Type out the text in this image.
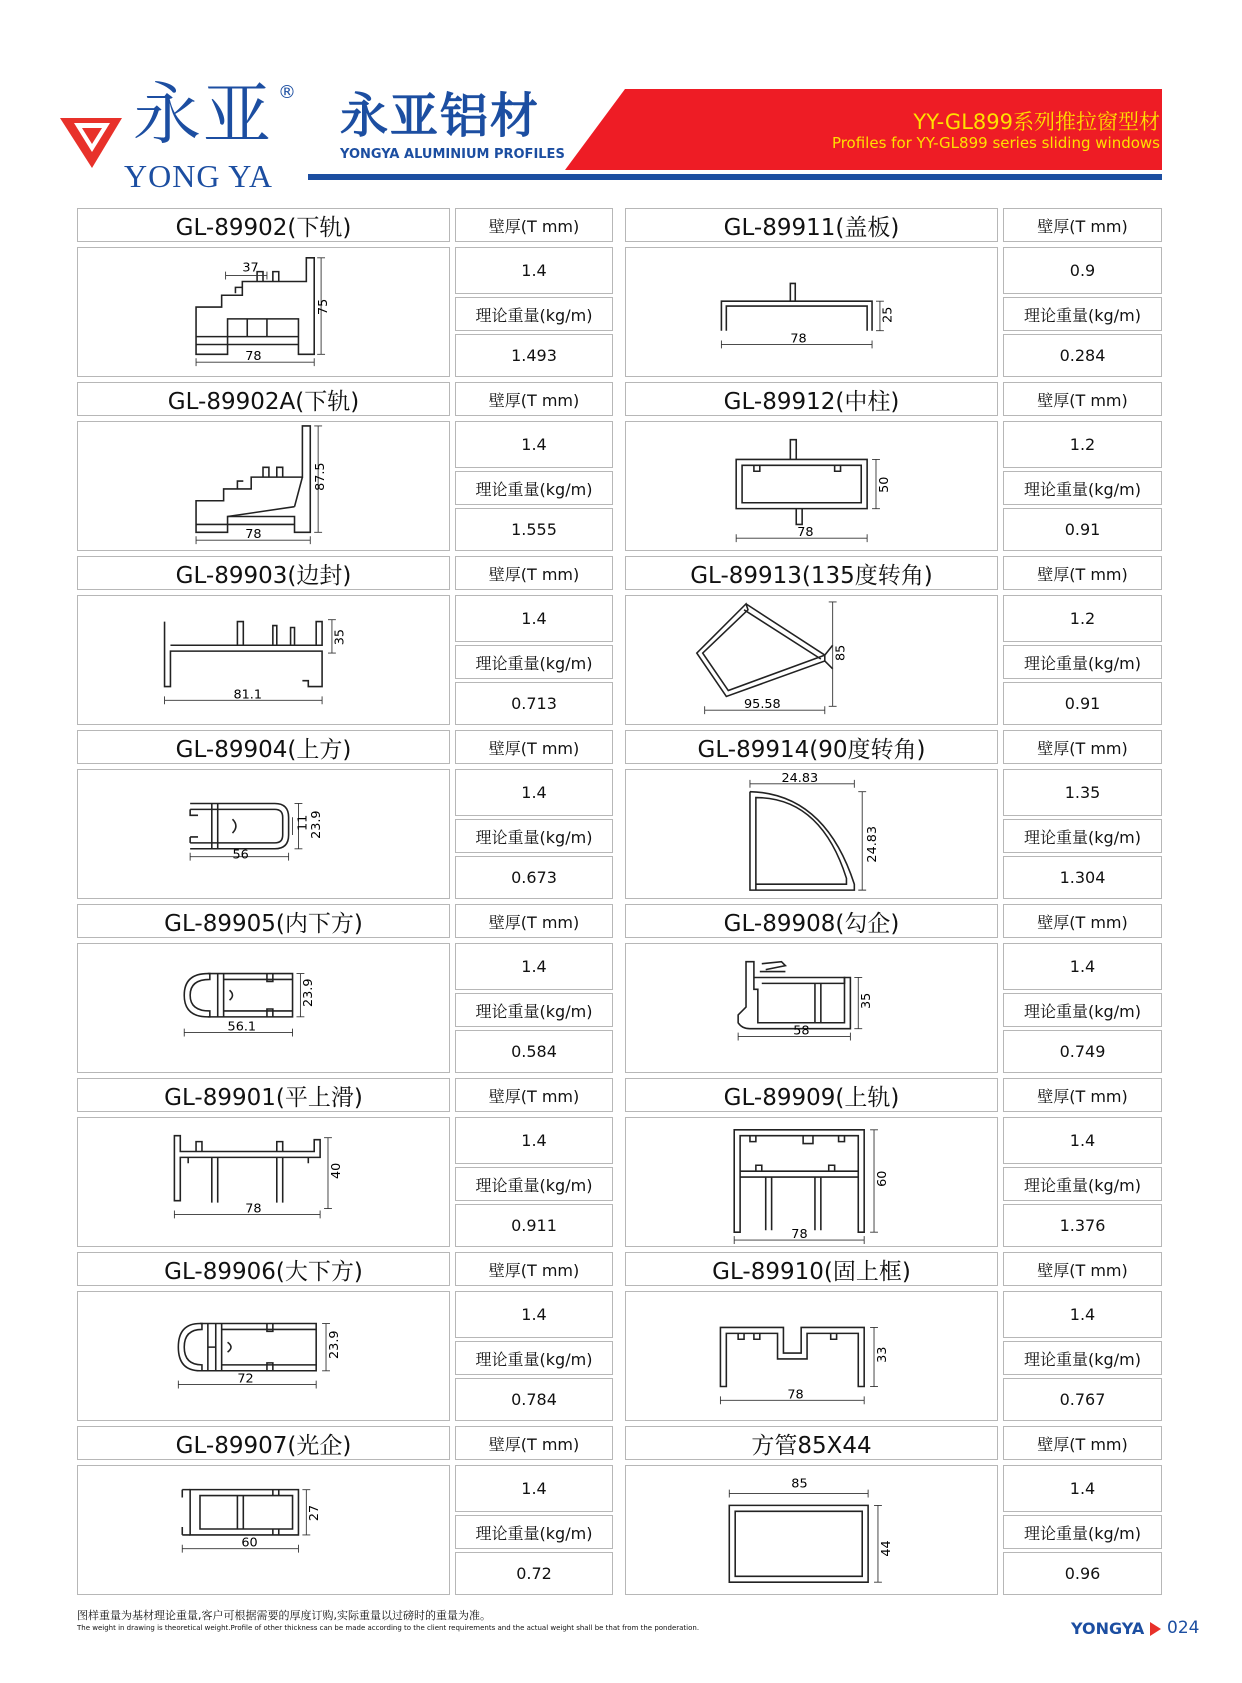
永亚 ®
YONG YA
永亚铝材
YONGYA ALUMINIUM PROFILES
YY-GL899系列推拉窗型材
Profiles for YY-GL899 series sliding windows
GL-89902(下轨)	壁厚(T mm)
37
75
78
1.4
理论重量(kg/m)
1.493
GL-89911(盖板)	壁厚(T mm)
78
25
0.9
理论重量(kg/m)
0.284
GL-89902A(下轨)	壁厚(T mm)
87.5
78
1.4
理论重量(kg/m)
1.555
GL-89912(中柱)	壁厚(T mm)
78
50
1.2
理论重量(kg/m)
0.91
GL-89903(边封)	壁厚(T mm)
81.1
35
1.4
理论重量(kg/m)
0.713
GL-89913(135度转角)	壁厚(T mm)
95.58
85
1.2
理论重量(kg/m)
0.91
GL-89904(上方)	壁厚(T mm)
56
11
23.9
1.4
理论重量(kg/m)
0.673
GL-89914(90度转角)	壁厚(T mm)
24.83
24.83
1.35
理论重量(kg/m)
1.304
GL-89905(内下方)	壁厚(T mm)
56.1
23.9
1.4
理论重量(kg/m)
0.584
GL-89908(勾企)	壁厚(T mm)
58
35
1.4
理论重量(kg/m)
0.749
GL-89901(平上滑)	壁厚(T mm)
78
40
1.4
理论重量(kg/m)
0.911
GL-89909(上轨)	壁厚(T mm)
78
60
1.4
理论重量(kg/m)
1.376
GL-89906(大下方)	壁厚(T mm)
72
23.9
1.4
理论重量(kg/m)
0.784
GL-89910(固上框)	壁厚(T mm)
78
33
1.4
理论重量(kg/m)
0.767
GL-89907(光企)	壁厚(T mm)
60
27
1.4
理论重量(kg/m)
0.72
方管85X44	壁厚(T mm)
85
44
1.4
理论重量(kg/m)
0.96
图样重量为基材理论重量,客户可根据需要的厚度订购,实际重量以过磅时的重量为准。
The weight in drawing is theoretical weight.Profile of other thickness can be made according to the client requirements and the actual weight shall be that from the ponderation.	YONGYA 024
